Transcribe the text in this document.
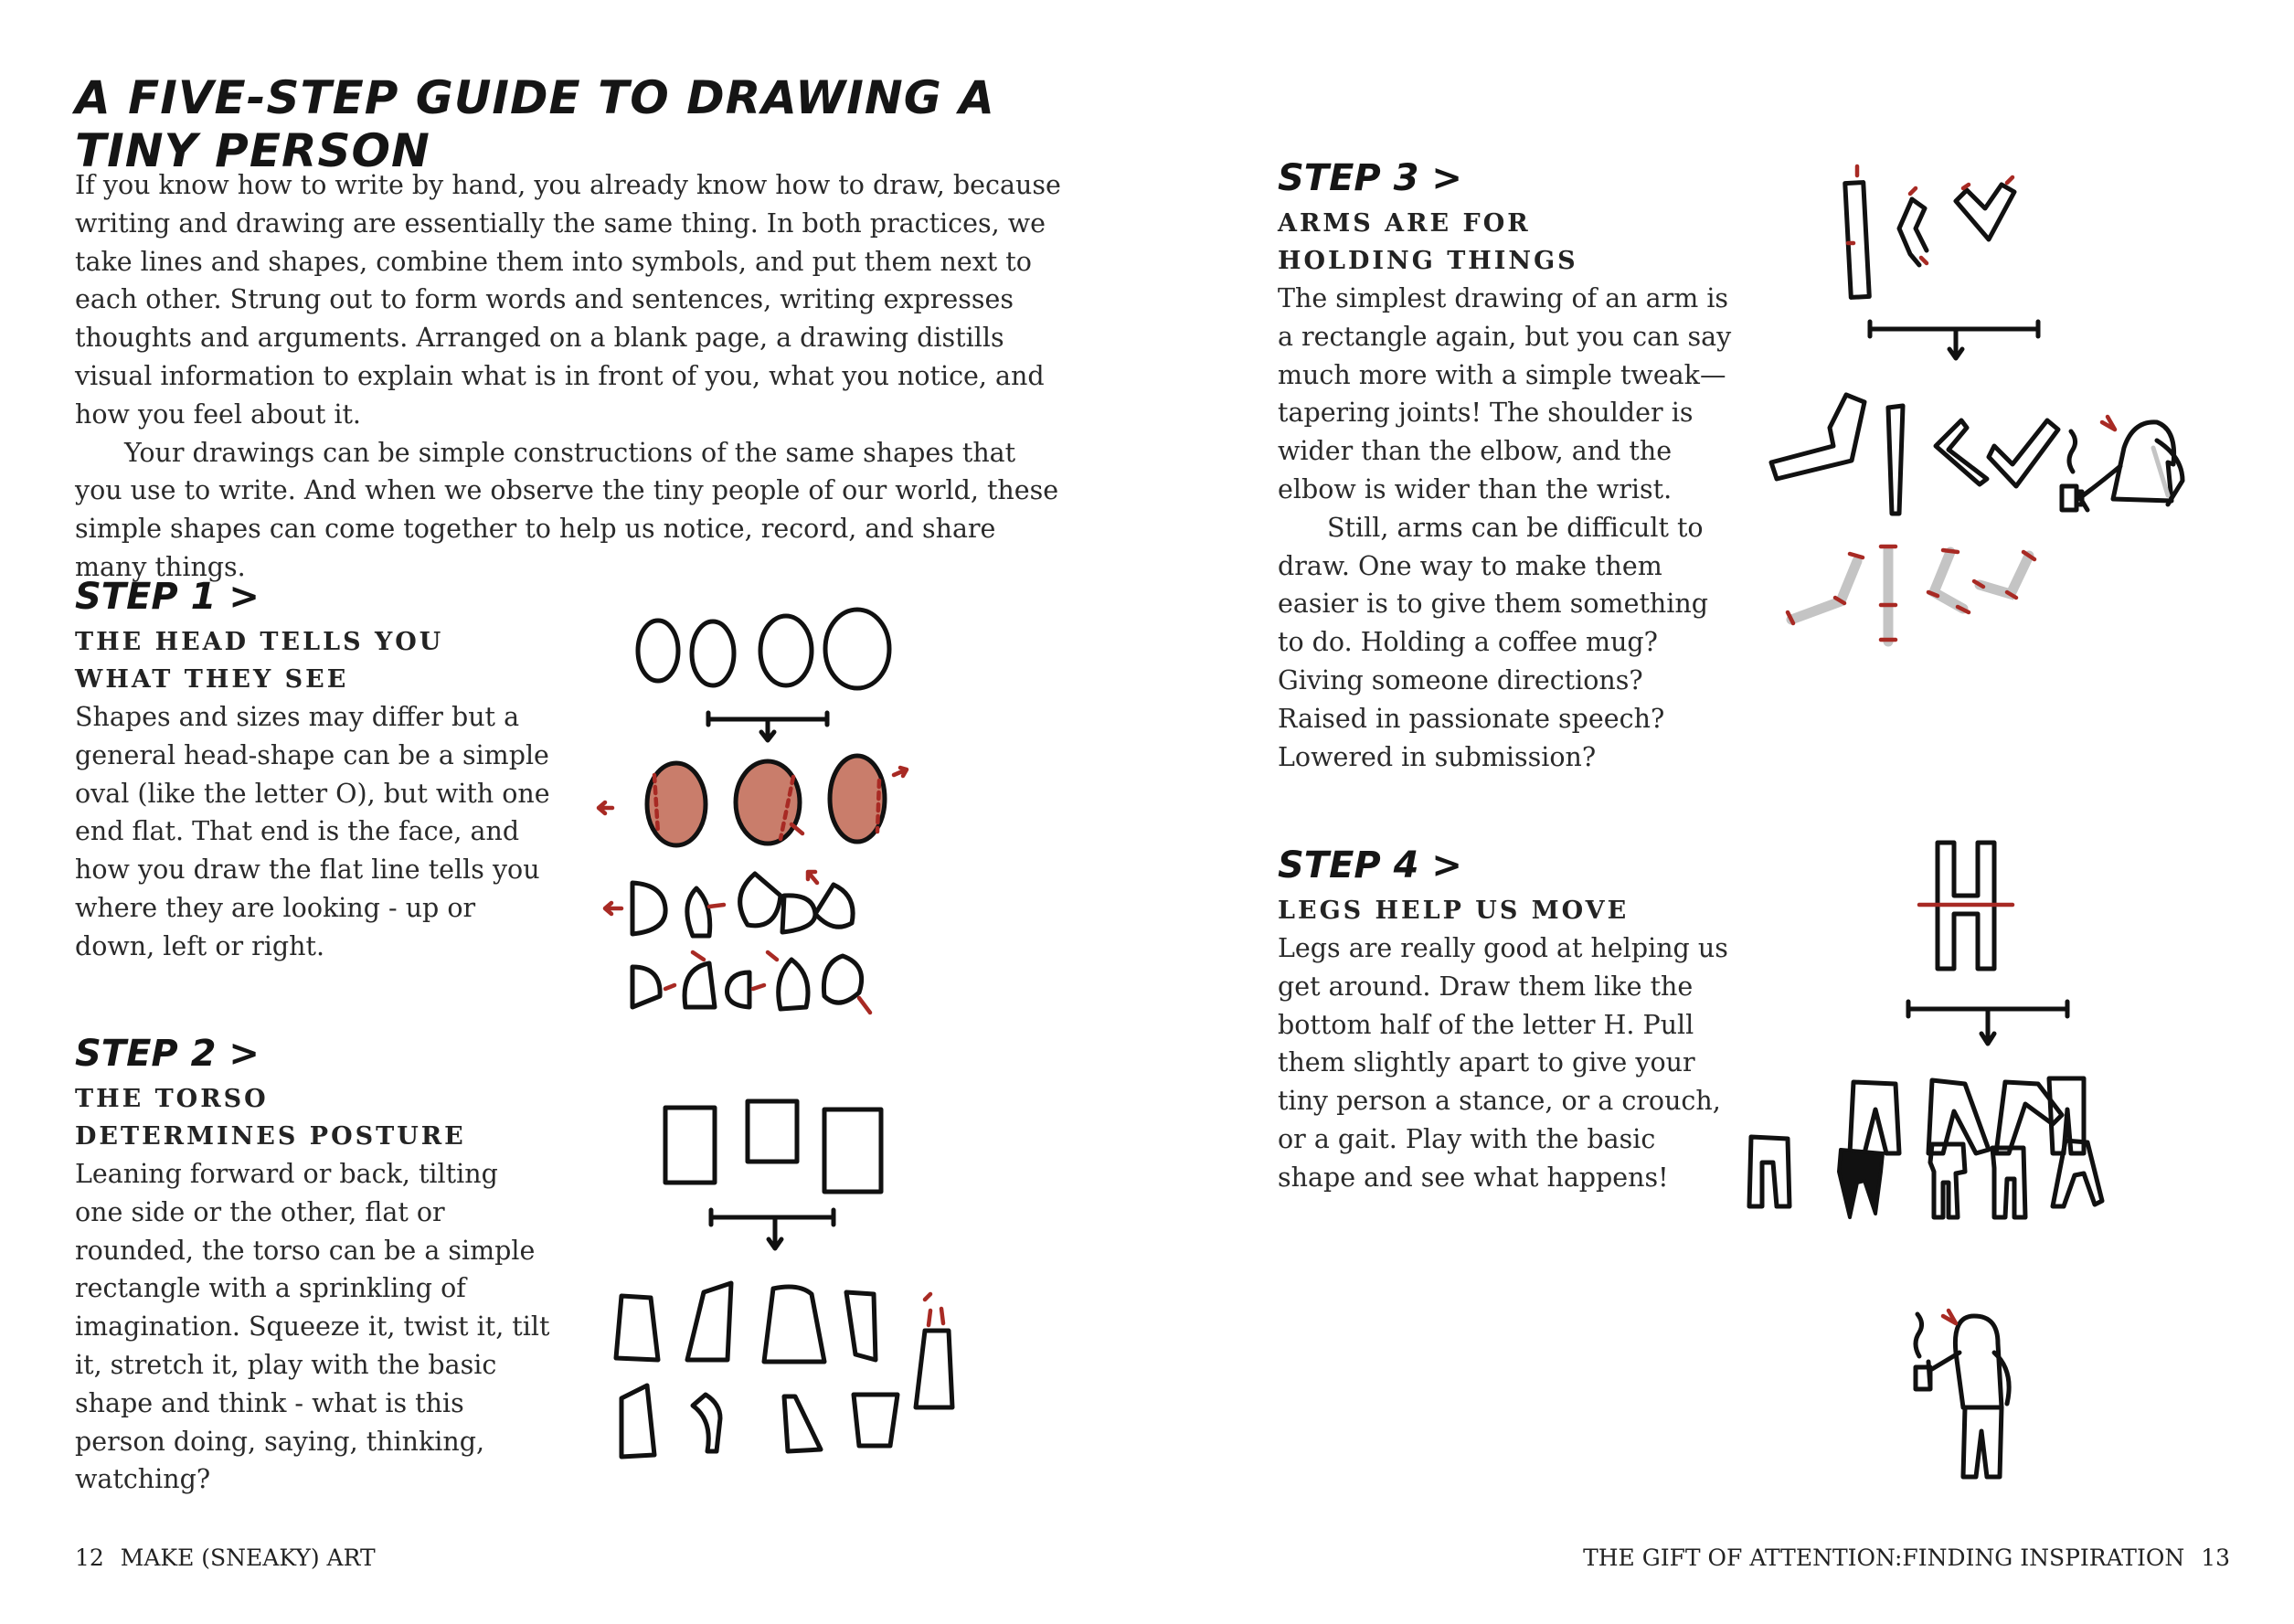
A FIVE-STEP GUIDE TO DRAWING A TINY PERSON

If you know how to write by hand, you already know how to draw, because writing and drawing are essentially the same thing. In both practices, we take lines and shapes, combine them into symbols, and put them next to each other. Strung out to form words and sentences, writing expresses thoughts and arguments. Arranged on a blank page, a drawing distills visual information to explain what is in front of you, what you notice, and how you feel about it.

Your drawings can be simple constructions of the same shapes that you use to write. And when we observe the tiny people of our world, these simple shapes can come together to help us notice, record, and share many things.

STEP 1 >
THE HEAD TELLS YOU
WHAT THEY SEE

Shapes and sizes may differ but a general head-shape can be a simple oval (like the letter O), but with one end flat. That end is the face, and how you draw the flat line tells you where they are looking - up or down, left or right.

STEP 2 >
THE TORSO
DETERMINES POSTURE

Leaning forward or back, tilting one side or the other, flat or rounded, the torso can be a simple rectangle with a sprinkling of imagination. Squeeze it, twist it, tilt it, stretch it, play with the basic shape and think - what is this person doing, saying, thinking, watching?

STEP 3 >
ARMS ARE FOR
HOLDING THINGS

The simplest drawing of an arm is a rectangle again, but you can say much more with a simple tweak—tapering joints! The shoulder is wider than the elbow, and the elbow is wider than the wrist.

Still, arms can be difficult to draw. One way to make them easier is to give them something to do. Holding a coffee mug? Giving someone directions? Raised in passionate speech? Lowered in submission?

STEP 4 >
LEGS HELP US MOVE

Legs are really good at helping us get around. Draw them like the bottom half of the letter H. Pull them slightly apart to give your tiny person a stance, or a crouch, or a gait. Play with the basic shape and see what happens!

12 MAKE (SNEAKY) ART	THE GIFT OF ATTENTION:FINDING INSPIRATION 13
